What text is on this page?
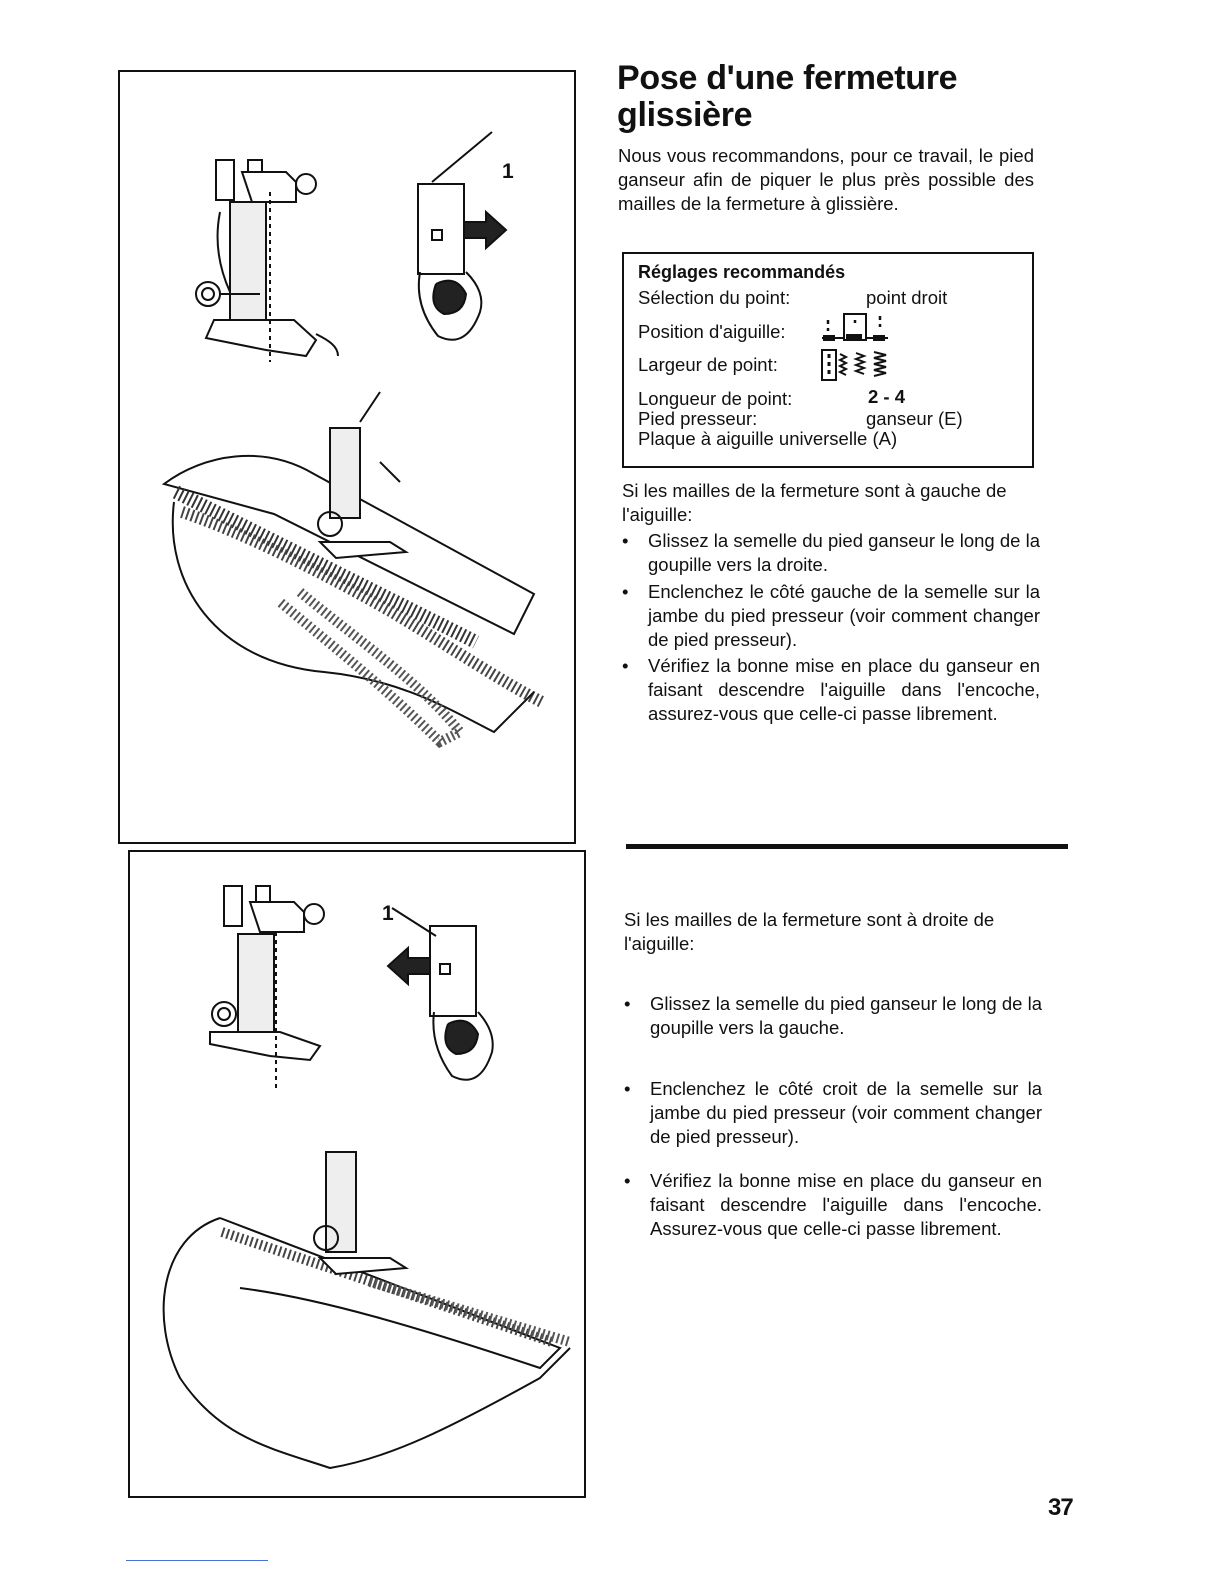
1
1
Pose d'une fermeture glissière

Nous vous recommandons, pour ce travail, le pied ganseur afin de piquer le plus près possible des mailles de la fermeture à glissière.

Réglages recommandés
Sélection du point:	point droit
Position d'aiguille:
Largeur de point:
Longueur de point:	2 - 4
Pied presseur:	ganseur (E)
Plaque à aiguille universelle (A)

Si les mailles de la fermeture sont à gauche de l'aiguille:

• Glissez la semelle du pied ganseur le long de la goupille vers la droite.
• Enclenchez le côté gauche de la semelle sur la jambe du pied presseur (voir comment changer de pied presseur).
• Vérifiez la bonne mise en place du ganseur en faisant descendre l'aiguille dans l'encoche, assurez-vous que celle-ci passe librement.

Si les mailles de la fermeture sont à droite de l'aiguille:

• Glissez la semelle du pied ganseur le long de la goupille vers la gauche.
• Enclenchez le côté croit de la semelle sur la jambe du pied presseur (voir comment changer de pied presseur).
• Vérifiez la bonne mise en place du ganseur en faisant descendre l'aiguille dans l'encoche. Assurez-vous que celle-ci passe librement.
37
